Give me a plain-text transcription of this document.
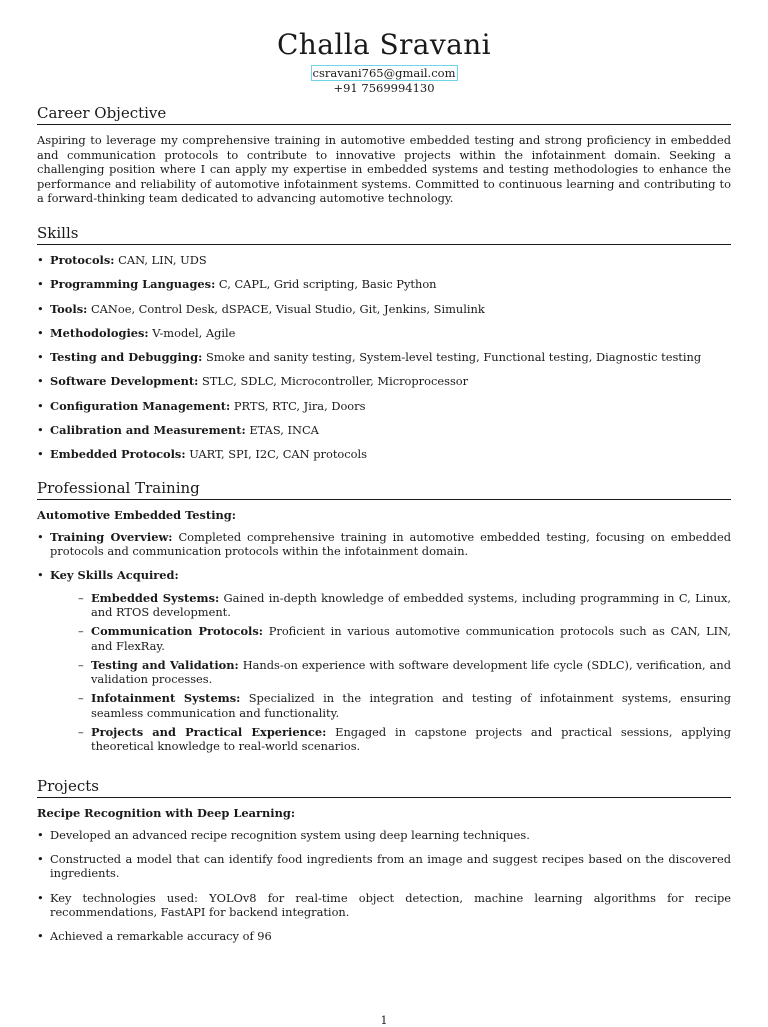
Challa Sravani
csravani765@gmail.com
+91 7569994130
Career Objective
Aspiring to leverage my comprehensive training in automotive embedded testing and strong proficiency in embedded and communication protocols to contribute to innovative projects within the infotainment domain. Seeking a challenging position where I can apply my expertise in embedded systems and testing methodologies to enhance the performance and reliability of automotive infotainment systems. Committed to continuous learning and contributing to a forward-thinking team dedicated to advancing automotive technology.
Skills
• Protocols: CAN, LIN, UDS
• Programming Languages: C, CAPL, Grid scripting, Basic Python
• Tools: CANoe, Control Desk, dSPACE, Visual Studio, Git, Jenkins, Simulink
• Methodologies: V-model, Agile
• Testing and Debugging: Smoke and sanity testing, System-level testing, Functional testing, Diagnostic testing
• Software Development: STLC, SDLC, Microcontroller, Microprocessor
• Configuration Management: PRTS, RTC, Jira, Doors
• Calibration and Measurement: ETAS, INCA
• Embedded Protocols: UART, SPI, I2C, CAN protocols
Professional Training
Automotive Embedded Testing:
• Training Overview: Completed comprehensive training in automotive embedded testing, focusing on embedded protocols and communication protocols within the infotainment domain.
• Key Skills Acquired:
– Embedded Systems: Gained in-depth knowledge of embedded systems, including programming in C, Linux, and RTOS development.
– Communication Protocols: Proficient in various automotive communication protocols such as CAN, LIN, and FlexRay.
– Testing and Validation: Hands-on experience with software development life cycle (SDLC), verification, and validation processes.
– Infotainment Systems: Specialized in the integration and testing of infotainment systems, ensuring seamless communication and functionality.
– Projects and Practical Experience: Engaged in capstone projects and practical sessions, applying theoretical knowledge to real-world scenarios.
Projects
Recipe Recognition with Deep Learning:
• Developed an advanced recipe recognition system using deep learning techniques.
• Constructed a model that can identify food ingredients from an image and suggest recipes based on the discovered ingredients.
• Key technologies used: YOLOv8 for real-time object detection, machine learning algorithms for recipe recommendations, FastAPI for backend integration.
• Achieved a remarkable accuracy of 96
1
